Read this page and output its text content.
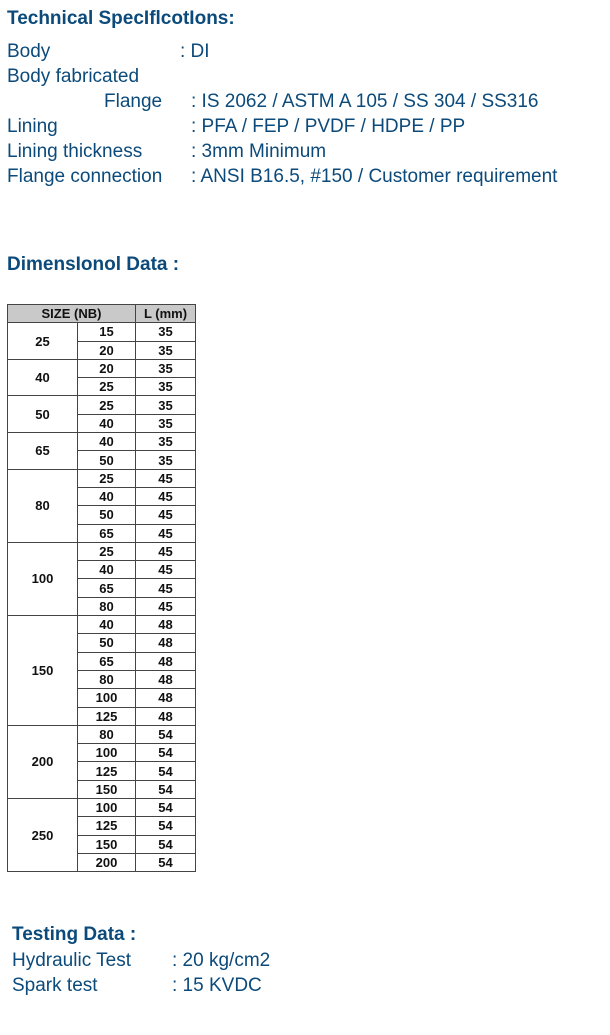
Technical SpecIflcotIons:
Body	: DI
Body fabricated
Flange : IS 2062 / ASTM A 105 / SS 304 / SS316
Lining	: PFA / FEP / PVDF / HDPE / PP
Lining thickness	: 3mm Minimum
Flange connection : ANSI B16.5, #150 / Customer requirement
DimensIonol Data :
SIZE (NB)		L (mm)
25	15	35
	20	35
40	20	35
	25	35
50	25	35
	40	35
65	40	35
	50	35
80	25	45
	40	45
	50	45
	65	45
100	25	45
	40	45
	65	45
	80	45
150	40	48
	50	48
	65	48
	80	48
	100	48
	125	48
200	80	54
	100	54
	125	54
	150	54
250	100	54
	125	54
	150	54
	200	54
Testing Data :
Hydraulic Test : 20 kg/cm2
Spark test	: 15 KVDC
